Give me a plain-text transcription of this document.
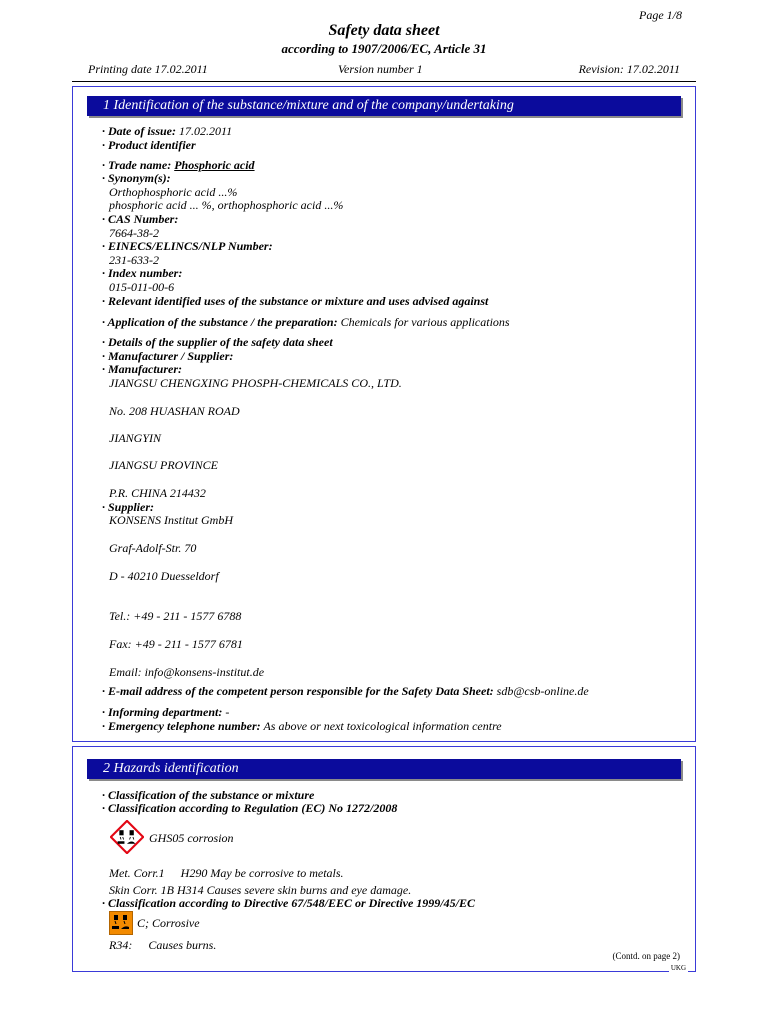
Page 1/8
Safety data sheet
according to 1907/2006/EC, Article 31
Printing date 17.02.2011	Version number 1	Revision: 17.02.2011
1 Identification of the substance/mixture and of the company/undertaking
· Date of issue: 17.02.2011
· Product identifier
· Trade name: Phosphoric acid
· Synonym(s):
Orthophosphoric acid ...%
phosphoric acid ... %, orthophosphoric acid ...%
· CAS Number:
7664-38-2
· EINECS/ELINCS/NLP Number:
231-633-2
· Index number:
015-011-00-6
· Relevant identified uses of the substance or mixture and uses advised against
· Application of the substance / the preparation: Chemicals for various applications
· Details of the supplier of the safety data sheet
· Manufacturer / Supplier:
· Manufacturer:
JIANGSU CHENGXING PHOSPH-CHEMICALS CO., LTD.
No. 208 HUASHAN ROAD
JIANGYIN
JIANGSU PROVINCE
P.R. CHINA 214432
· Supplier:
KONSENS Institut GmbH
Graf-Adolf-Str. 70
D - 40210 Duesseldorf
Tel.: +49 - 211 - 1577 6788
Fax: +49 - 211 - 1577 6781
Email: info@konsens-institut.de
· E-mail address of the competent person responsible for the Safety Data Sheet: sdb@csb-online.de
· Informing department: -
· Emergency telephone number: As above or next toxicological information centre
2 Hazards identification
· Classification of the substance or mixture
· Classification according to Regulation (EC) No 1272/2008
GHS05 corrosion
Met. Corr.1 H290 May be corrosive to metals.
Skin Corr. 1B H314 Causes severe skin burns and eye damage.
· Classification according to Directive 67/548/EEC or Directive 1999/45/EC
C; Corrosive
R34: Causes burns.
(Contd. on page 2)
UKG
